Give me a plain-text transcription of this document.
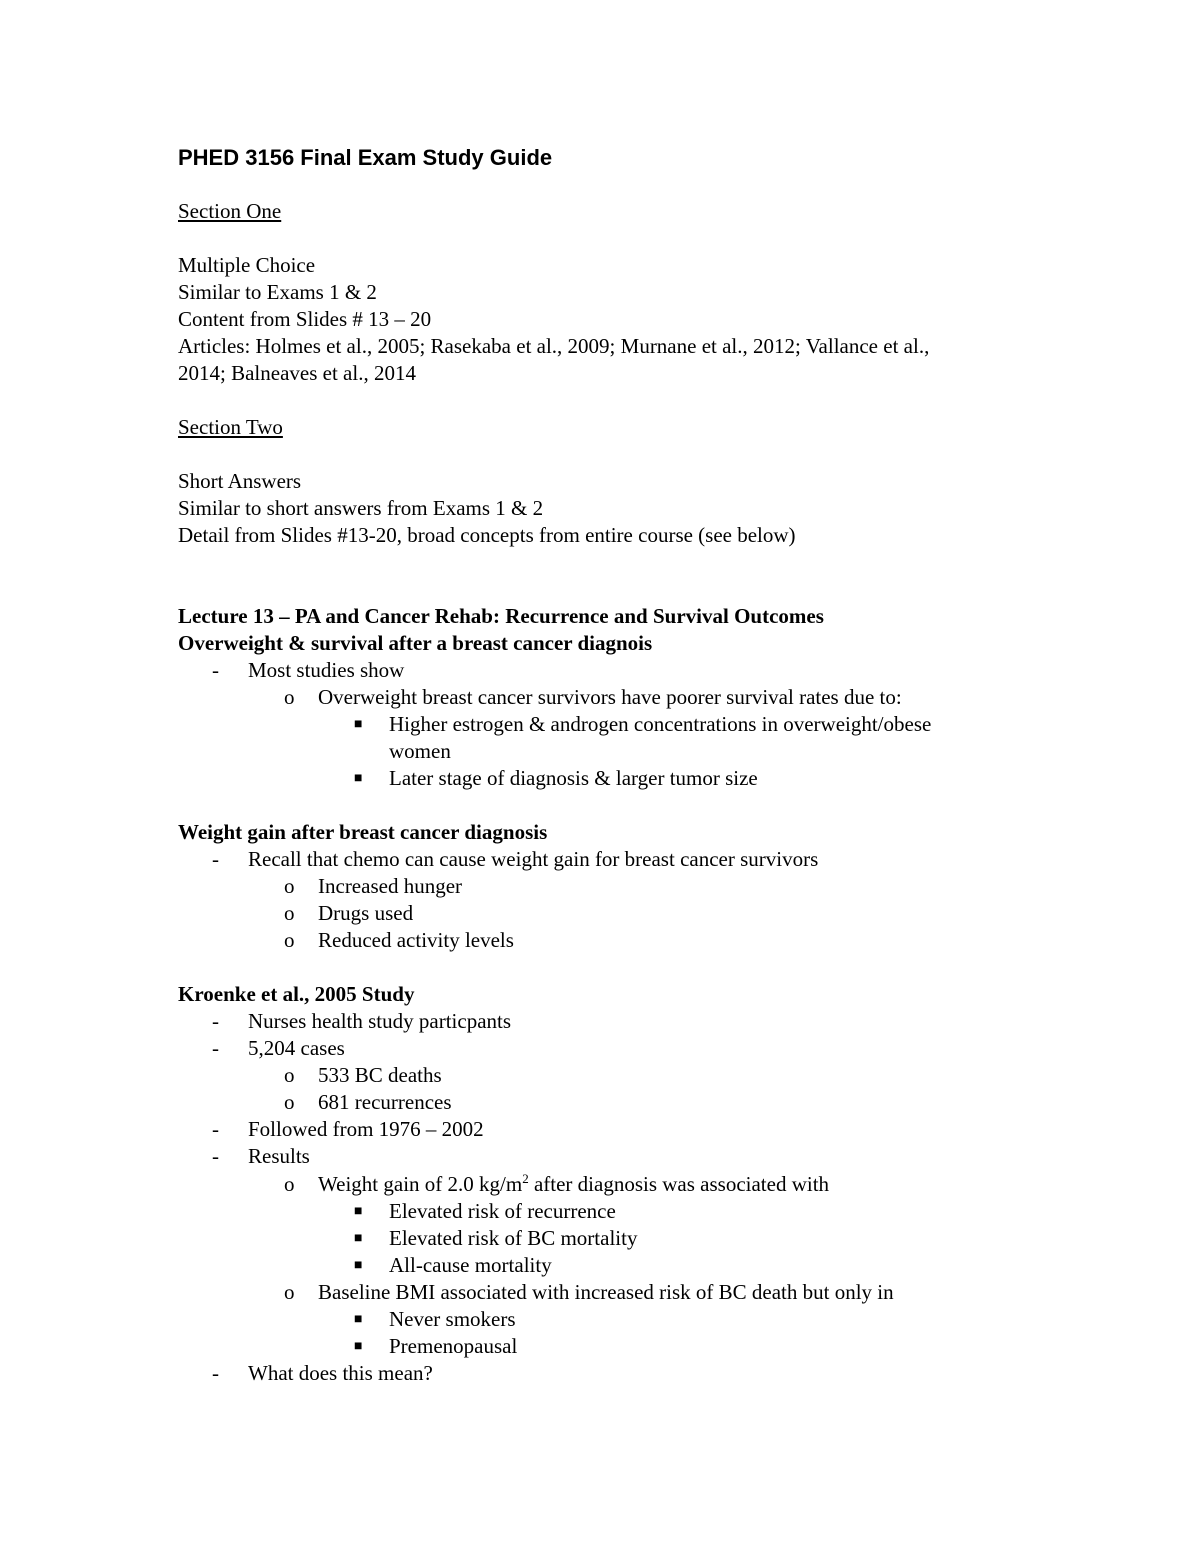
PHED 3156 Final Exam Study Guide
Section One
Multiple Choice
Similar to Exams 1 & 2
Content from Slides # 13 – 20
Articles: Holmes et al., 2005; Rasekaba et al., 2009; Murnane et al., 2012; Vallance et al.,
2014; Balneaves et al., 2014
Section Two
Short Answers
Similar to short answers from Exams 1 & 2
Detail from Slides #13-20, broad concepts from entire course (see below)
Lecture 13 – PA and Cancer Rehab: Recurrence and Survival Outcomes
Overweight & survival after a breast cancer diagnois
- Most studies show
o Overweight breast cancer survivors have poorer survival rates due to:
■ Higher estrogen & androgen concentrations in overweight/obese
women
■ Later stage of diagnosis & larger tumor size
Weight gain after breast cancer diagnosis
- Recall that chemo can cause weight gain for breast cancer survivors
o Increased hunger
o Drugs used
o Reduced activity levels
Kroenke et al., 2005 Study
- Nurses health study particpants
- 5,204 cases
o 533 BC deaths
o 681 recurrences
- Followed from 1976 – 2002
- Results
o Weight gain of 2.0 $kg/m^2$ after diagnosis was associated with
■ Elevated risk of recurrence
■ Elevated risk of BC mortality
■ All-cause mortality
o Baseline BMI associated with increased risk of BC death but only in
■ Never smokers
■ Premenopausal
- What does this mean?
